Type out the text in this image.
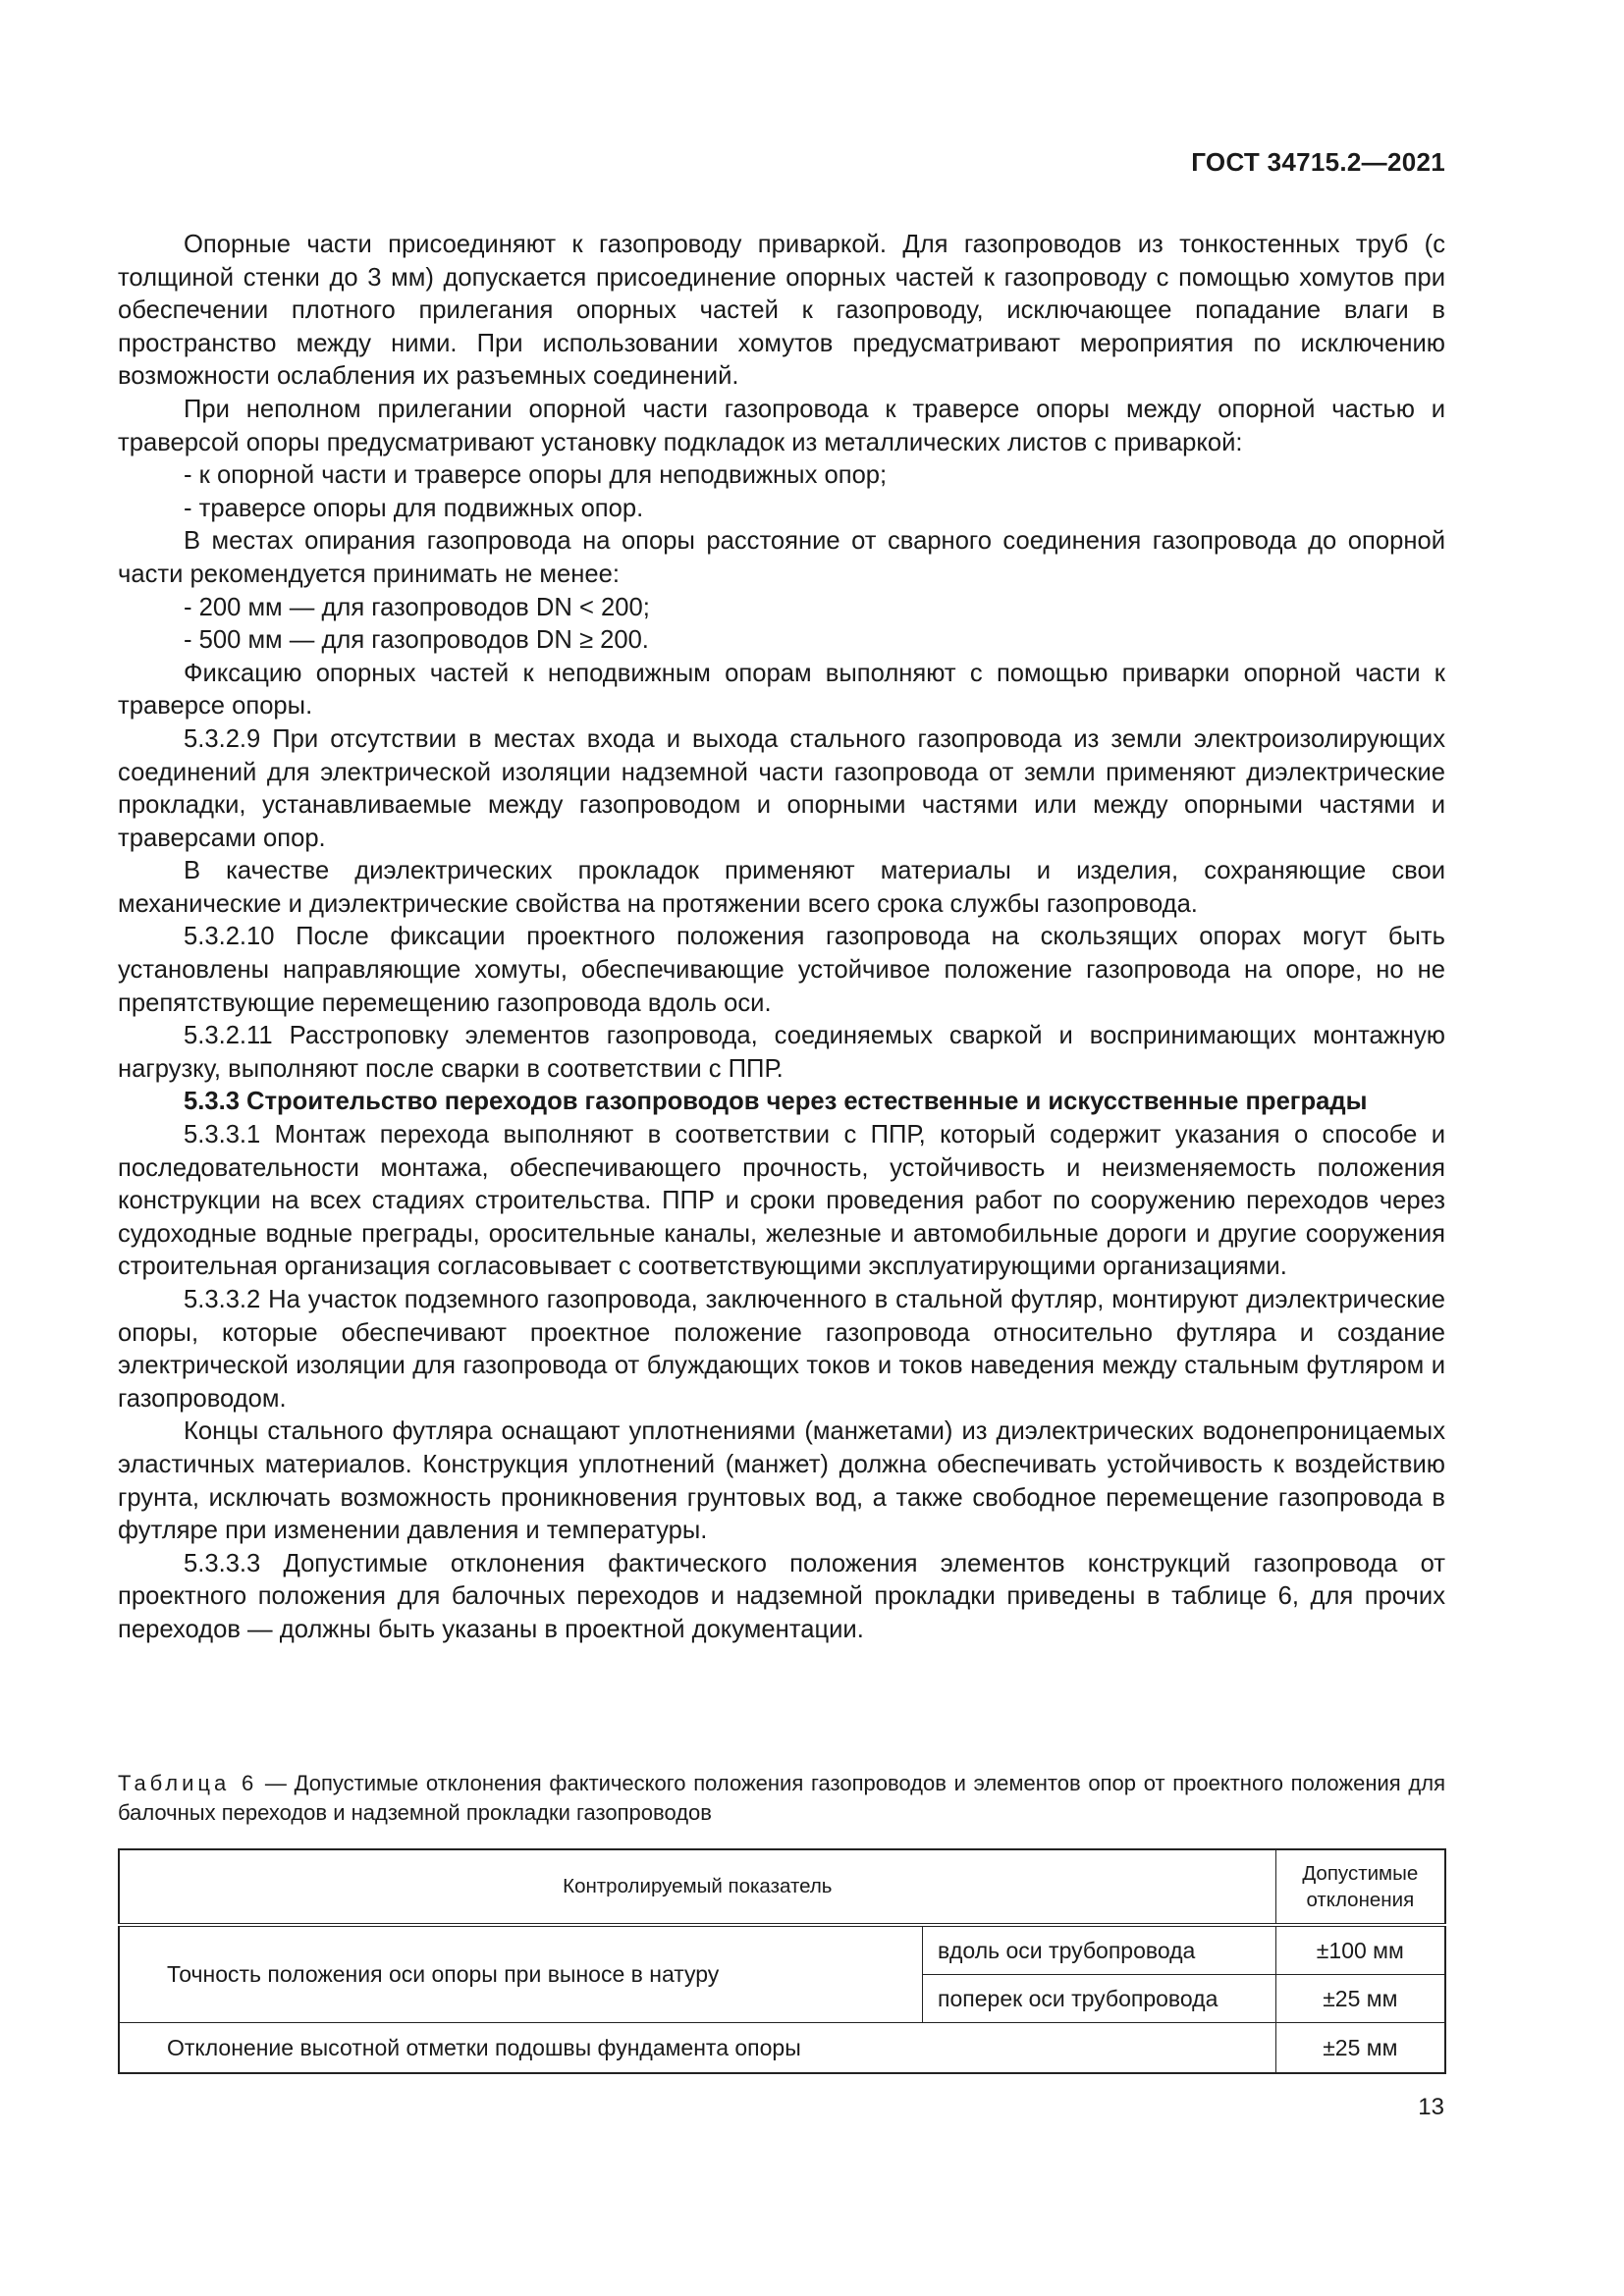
ГОСТ 34715.2—2021

Опорные части присоединяют к газопроводу приваркой. Для газопроводов из тонкостенных труб (с толщиной стенки до 3 мм) допускается присоединение опорных частей к газопроводу с помощью хомутов при обеспечении плотного прилегания опорных частей к газопроводу, исключающее попадание влаги в пространство между ними. При использовании хомутов предусматривают мероприятия по исключению возможности ослабления их разъемных соединений.

При неполном прилегании опорной части газопровода к траверсе опоры между опорной частью и траверсой опоры предусматривают установку подкладок из металлических листов с приваркой:

- к опорной части и траверсе опоры для неподвижных опор;

- траверсе опоры для подвижных опор.

В местах опирания газопровода на опоры расстояние от сварного соединения газопровода до опорной части рекомендуется принимать не менее:

- 200 мм — для газопроводов DN < 200;

- 500 мм — для газопроводов DN ≥ 200.

Фиксацию опорных частей к неподвижным опорам выполняют с помощью приварки опорной части к траверсе опоры.

5.3.2.9 При отсутствии в местах входа и выхода стального газопровода из земли электроизолирующих соединений для электрической изоляции надземной части газопровода от земли применяют диэлектрические прокладки, устанавливаемые между газопроводом и опорными частями или между опорными частями и траверсами опор.

В качестве диэлектрических прокладок применяют материалы и изделия, сохраняющие свои механические и диэлектрические свойства на протяжении всего срока службы газопровода.

5.3.2.10 После фиксации проектного положения газопровода на скользящих опорах могут быть установлены направляющие хомуты, обеспечивающие устойчивое положение газопровода на опоре, но не препятствующие перемещению газопровода вдоль оси.

5.3.2.11 Расстроповку элементов газопровода, соединяемых сваркой и воспринимающих монтажную нагрузку, выполняют после сварки в соответствии с ППР.

5.3.3 Строительство переходов газопроводов через естественные и искусственные преграды

5.3.3.1 Монтаж перехода выполняют в соответствии с ППР, который содержит указания о способе и последовательности монтажа, обеспечивающего прочность, устойчивость и неизменяемость положения конструкции на всех стадиях строительства. ППР и сроки проведения работ по сооружению переходов через судоходные водные преграды, оросительные каналы, железные и автомобильные дороги и другие сооружения строительная организация согласовывает с соответствующими эксплуатирующими организациями.

5.3.3.2 На участок подземного газопровода, заключенного в стальной футляр, монтируют диэлектрические опоры, которые обеспечивают проектное положение газопровода относительно футляра и создание электрической изоляции для газопровода от блуждающих токов и токов наведения между стальным футляром и газопроводом.

Концы стального футляра оснащают уплотнениями (манжетами) из диэлектрических водонепроницаемых эластичных материалов. Конструкция уплотнений (манжет) должна обеспечивать устойчивость к воздействию грунта, исключать возможность проникновения грунтовых вод, а также свободное перемещение газопровода в футляре при изменении давления и температуры.

5.3.3.3 Допустимые отклонения фактического положения элементов конструкций газопровода от проектного положения для балочных переходов и надземной прокладки приведены в таблице 6, для прочих переходов — должны быть указаны в проектной документации.

Таблица 6 — Допустимые отклонения фактического положения газопроводов и элементов опор от проектного положения для балочных переходов и надземной прокладки газопроводов
Контролируемый показатель		Допустимые отклонения
Точность положения оси опоры при выносе в натуру	вдоль оси трубопровода	±100 мм
	поперек оси трубопровода	±25 мм
Отклонение высотной отметки подошвы фундамента опоры		±25 мм
13
